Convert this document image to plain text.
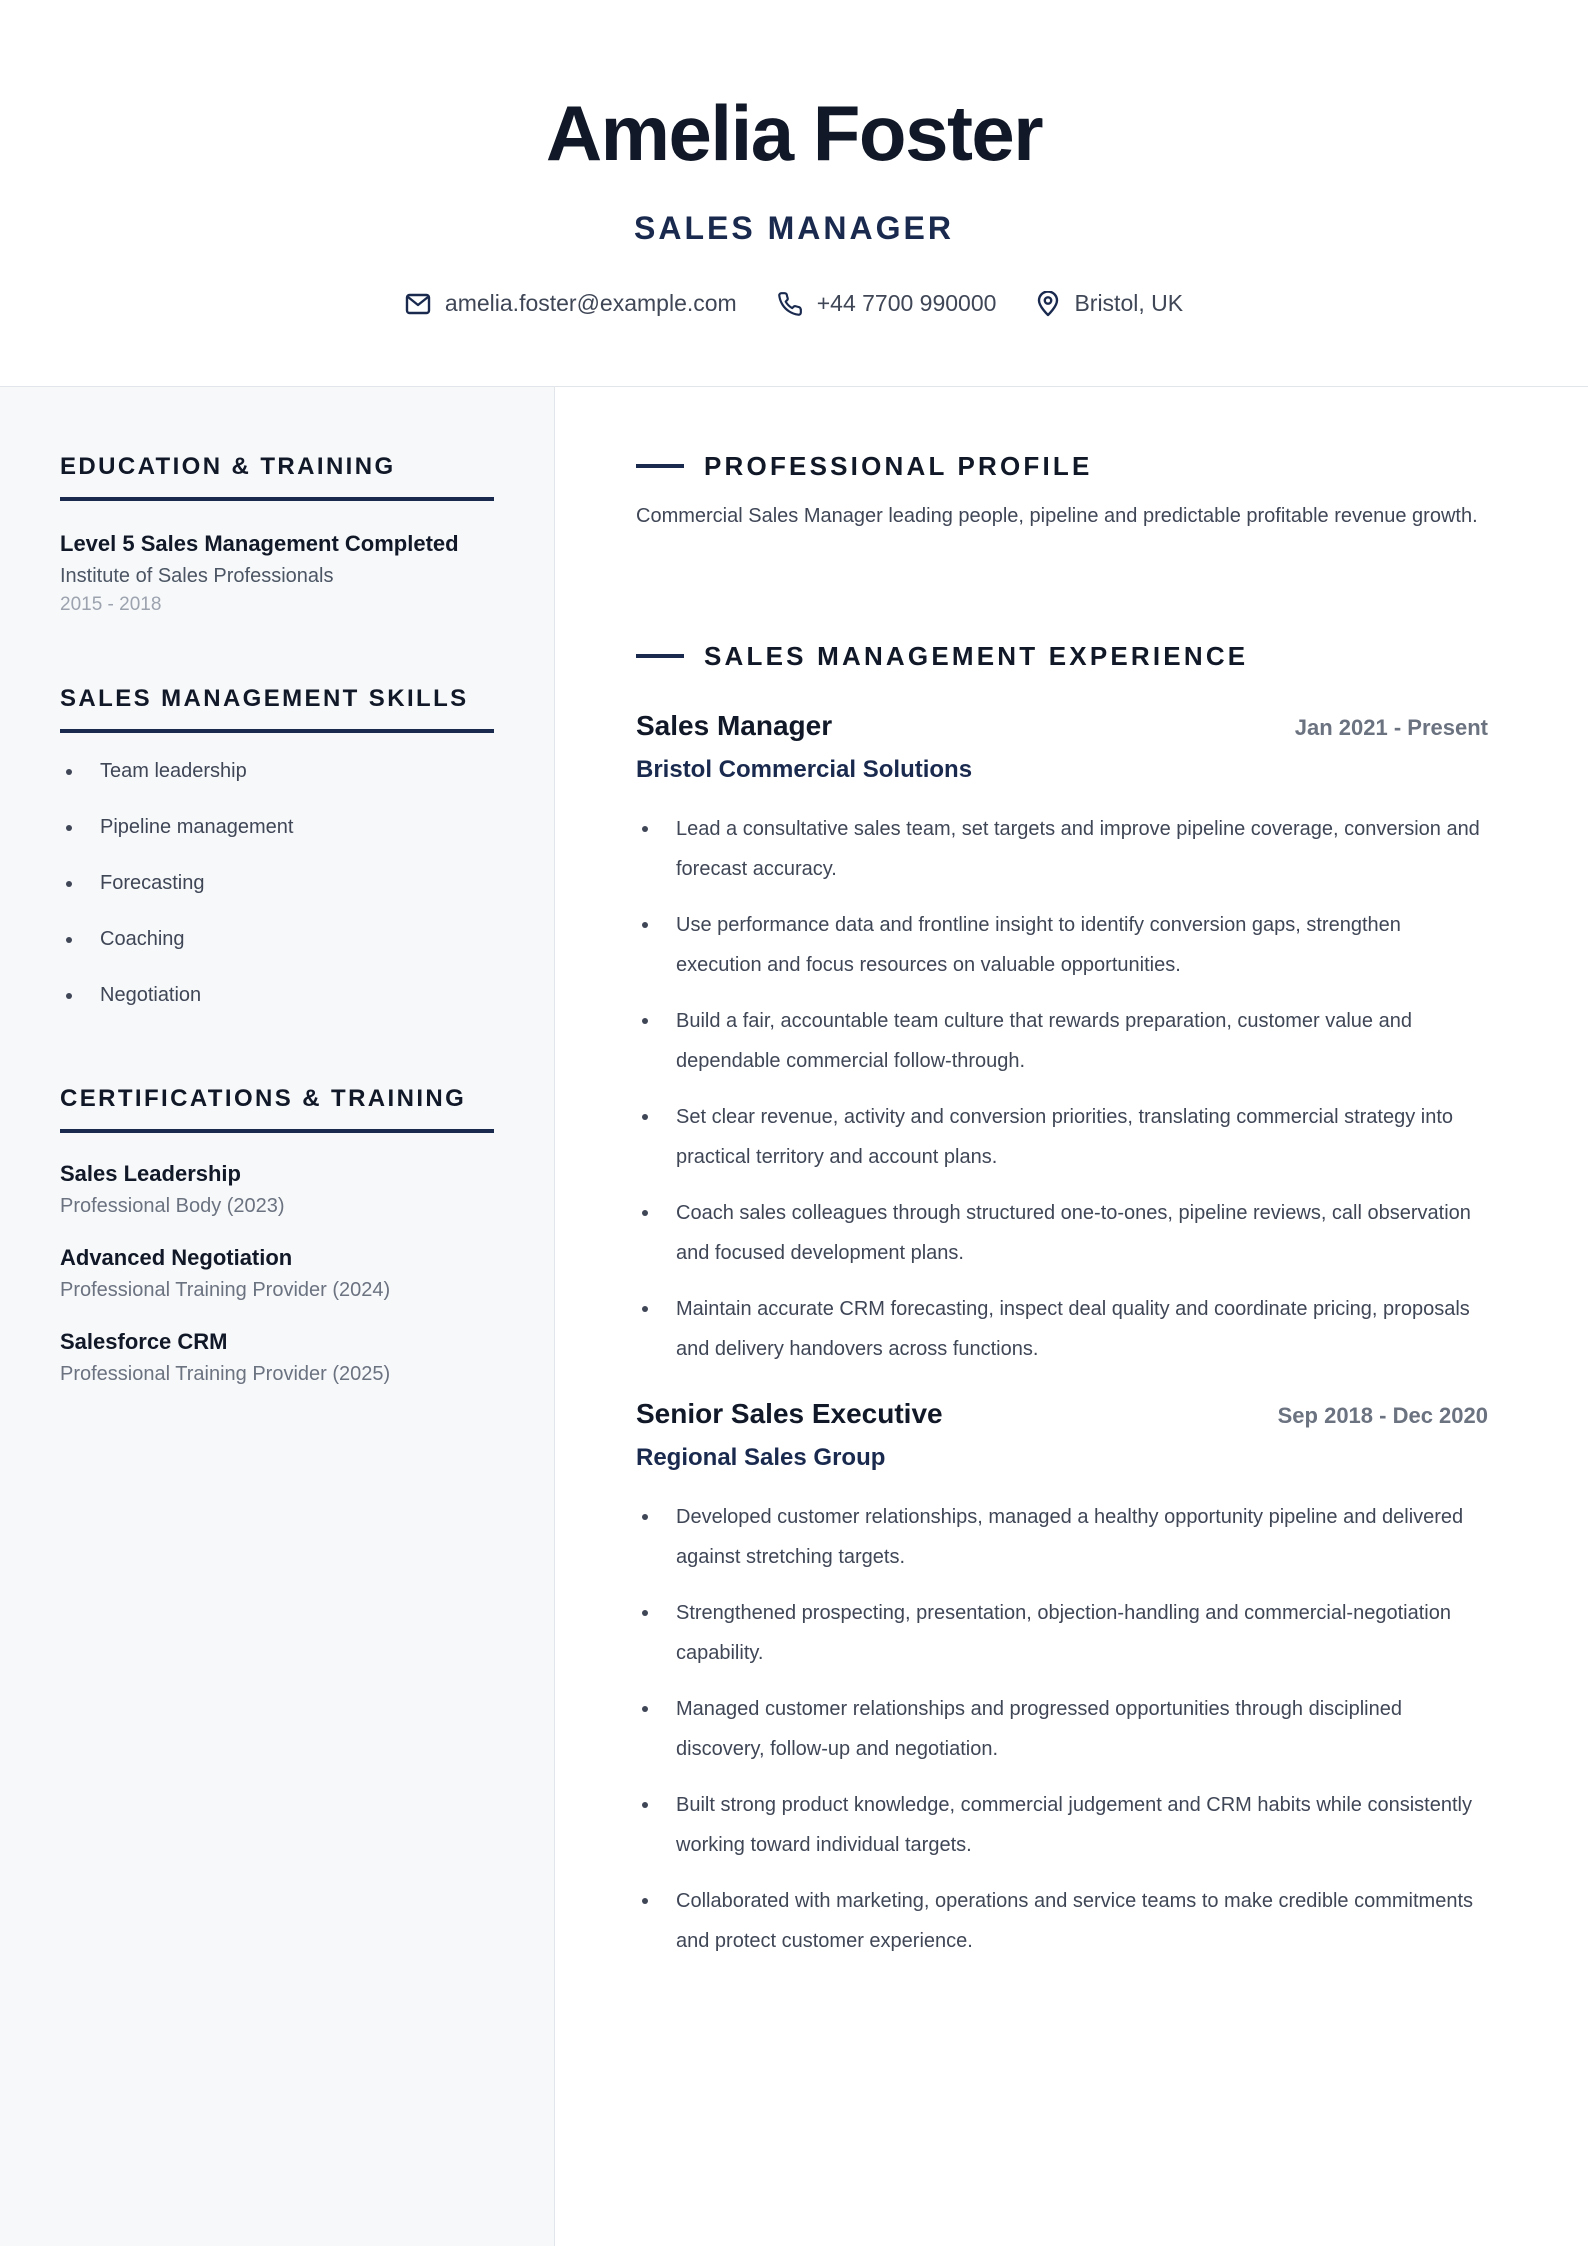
Amelia Foster
SALES MANAGER
amelia.foster@example.com	+44 7700 990000	Bristol, UK
EDUCATION & TRAINING
Level 5 Sales Management Completed
Institute of Sales Professionals
2015 - 2018
SALES MANAGEMENT SKILLS
Team leadership
Pipeline management
Forecasting
Coaching
Negotiation
CERTIFICATIONS & TRAINING
Sales Leadership
Professional Body (2023)
Advanced Negotiation
Professional Training Provider (2024)
Salesforce CRM
Professional Training Provider (2025)
PROFESSIONAL PROFILE
Commercial Sales Manager leading people, pipeline and predictable profitable revenue growth.
SALES MANAGEMENT EXPERIENCE
Sales Manager	Jan 2021 - Present
Bristol Commercial Solutions
Lead a consultative sales team, set targets and improve pipeline coverage, conversion and forecast accuracy.
Use performance data and frontline insight to identify conversion gaps, strengthen execution and focus resources on valuable opportunities.
Build a fair, accountable team culture that rewards preparation, customer value and dependable commercial follow-through.
Set clear revenue, activity and conversion priorities, translating commercial strategy into practical territory and account plans.
Coach sales colleagues through structured one-to-ones, pipeline reviews, call observation and focused development plans.
Maintain accurate CRM forecasting, inspect deal quality and coordinate pricing, proposals and delivery handovers across functions.
Senior Sales Executive	Sep 2018 - Dec 2020
Regional Sales Group
Developed customer relationships, managed a healthy opportunity pipeline and delivered against stretching targets.
Strengthened prospecting, presentation, objection-handling and commercial-negotiation capability.
Managed customer relationships and progressed opportunities through disciplined discovery, follow-up and negotiation.
Built strong product knowledge, commercial judgement and CRM habits while consistently working toward individual targets.
Collaborated with marketing, operations and service teams to make credible commitments and protect customer experience.
